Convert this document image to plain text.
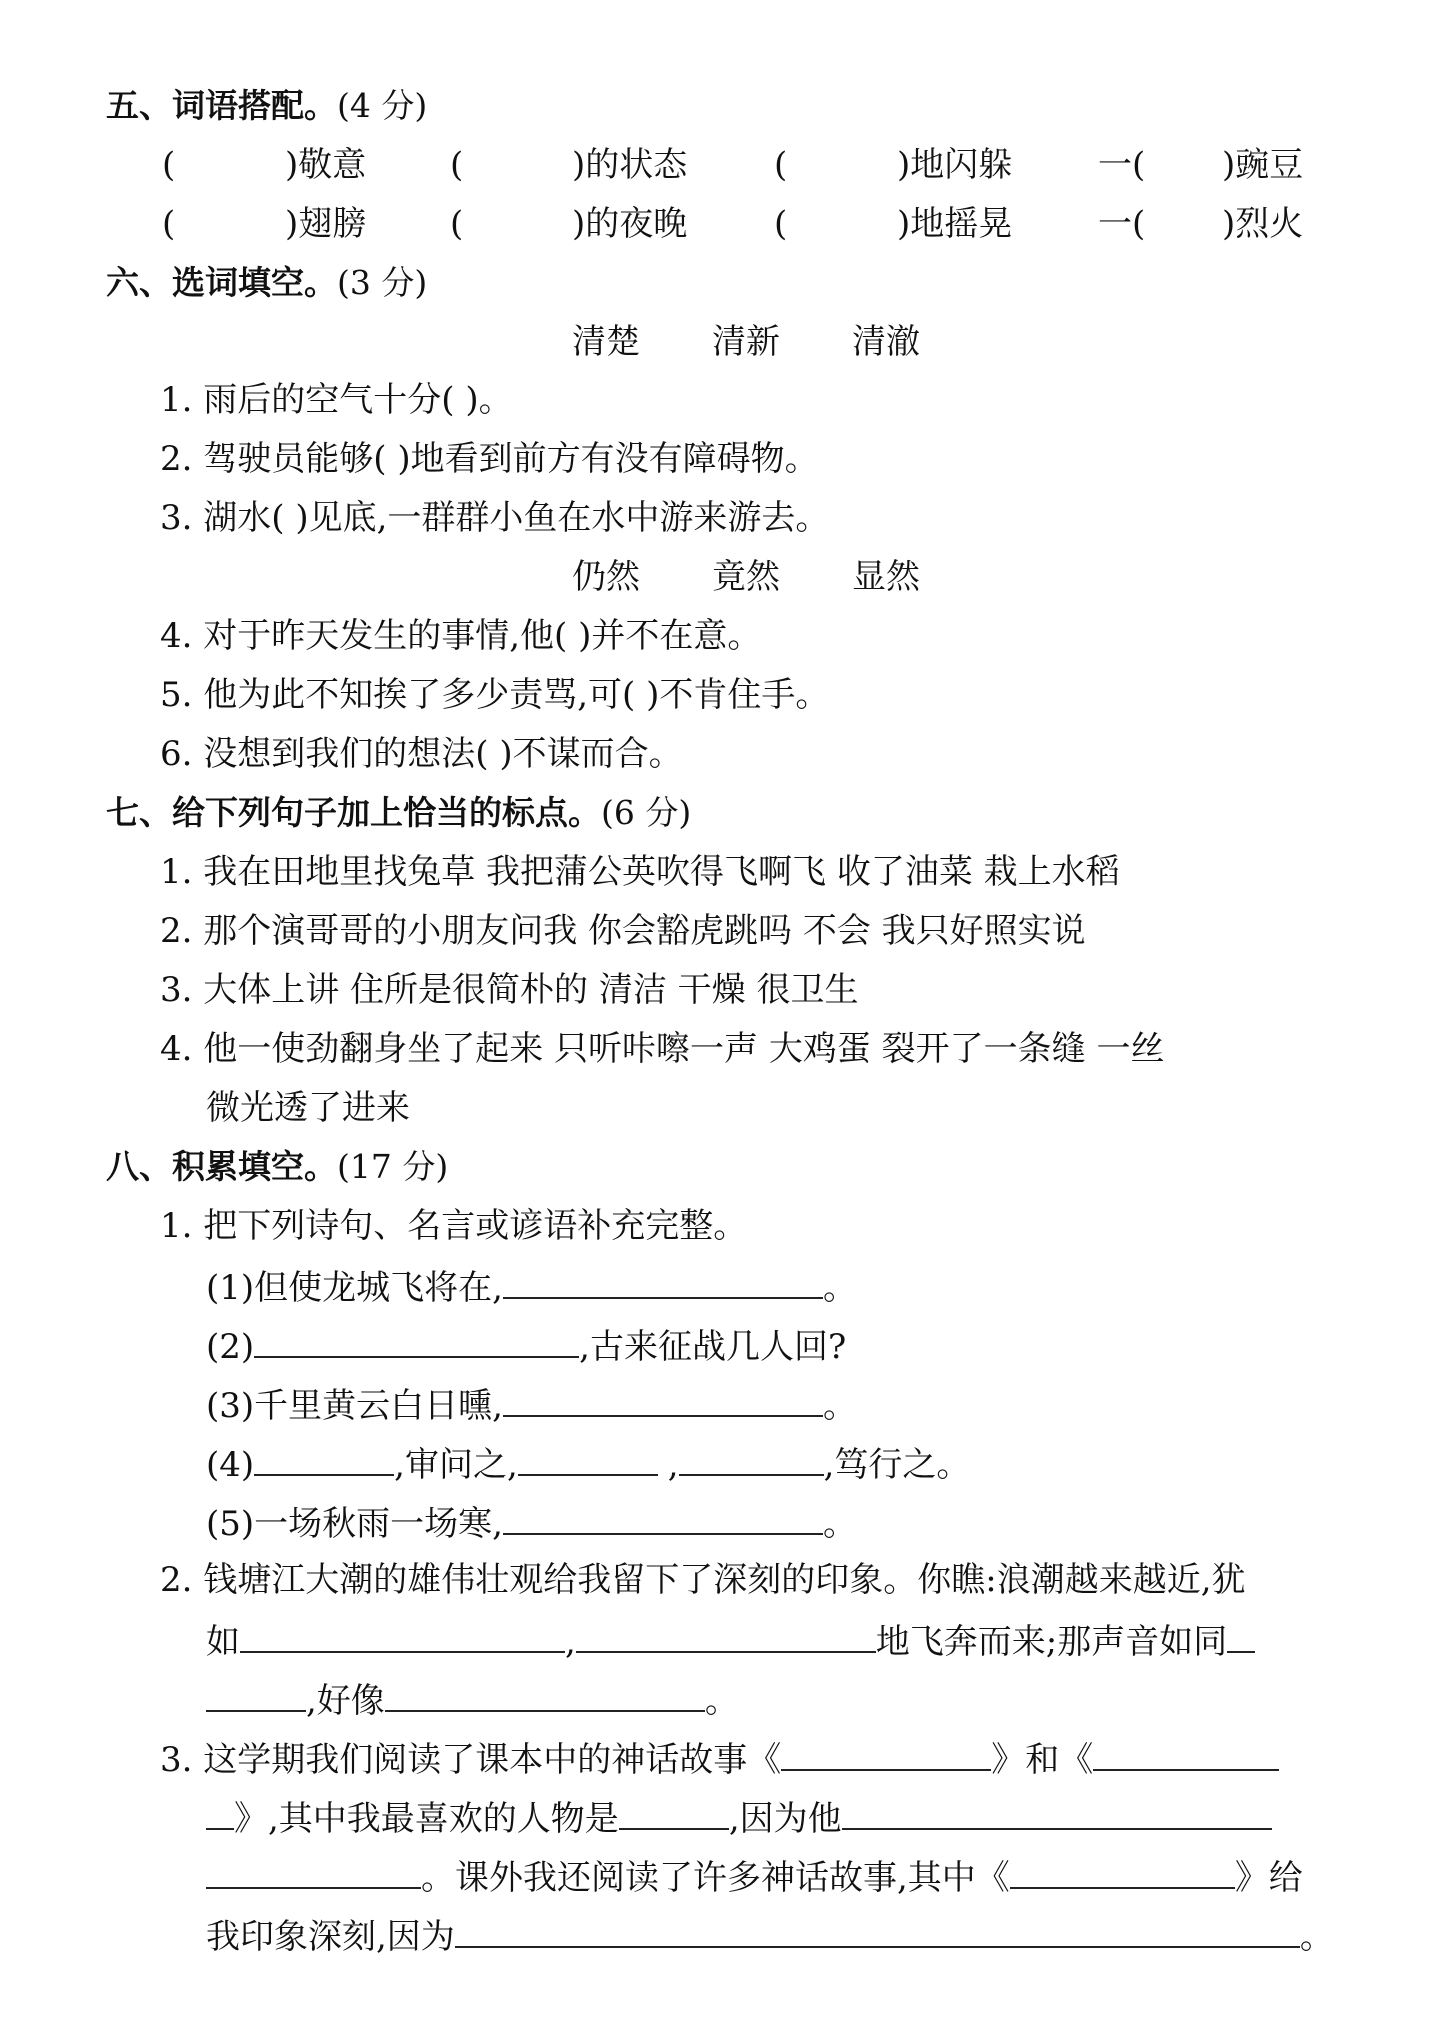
五、词语搭配。(4 分)
(	)敬意 (	)的状态	(	)地闪躲	一( )豌豆
(	)翅膀 (	)的夜晚	(	)地摇晃	一( )烈火
六、选词填空。(3 分)
清楚 清新 清澈
1. 雨后的空气十分( )。
2. 驾驶员能够( )地看到前方有没有障碍物。
3. 湖水( )见底,一群群小鱼在水中游来游去。
仍然 竟然 显然
4. 对于昨天发生的事情,他( )并不在意。
5. 他为此不知挨了多少责骂,可( )不肯住手。
6. 没想到我们的想法( )不谋而合。
七、给下列句子加上恰当的标点。(6 分)
1. 我在田地里找兔草 我把蒲公英吹得飞啊飞 收了油菜 栽上水稻
2. 那个演哥哥的小朋友问我 你会豁虎跳吗 不会 我只好照实说
3. 大体上讲 住所是很简朴的 清洁 干燥 很卫生
4. 他一使劲翻身坐了起来 只听咔嚓一声 大鸡蛋 裂开了一条缝 一丝
微光透了进来
八、积累填空。(17 分)
1. 把下列诗句、名言或谚语补充完整。
(1)但使龙城飞将在,	。
(2)	,古来征战几人回?
(3)千里黄云白日曛,	。
(4)	,审问之,	,	,笃行之。
(5)一场秋雨一场寒,	。
2. 钱塘江大潮的雄伟壮观给我留下了深刻的印象。你瞧:浪潮越来越近,犹
如	,	地飞奔而来;那声音如同
,好像	。
3. 这学期我们阅读了课本中的神话故事《	》和《
》,其中我最喜欢的人物是	,因为他
。课外我还阅读了许多神话故事,其中《	》给
我印象深刻,因为	。
